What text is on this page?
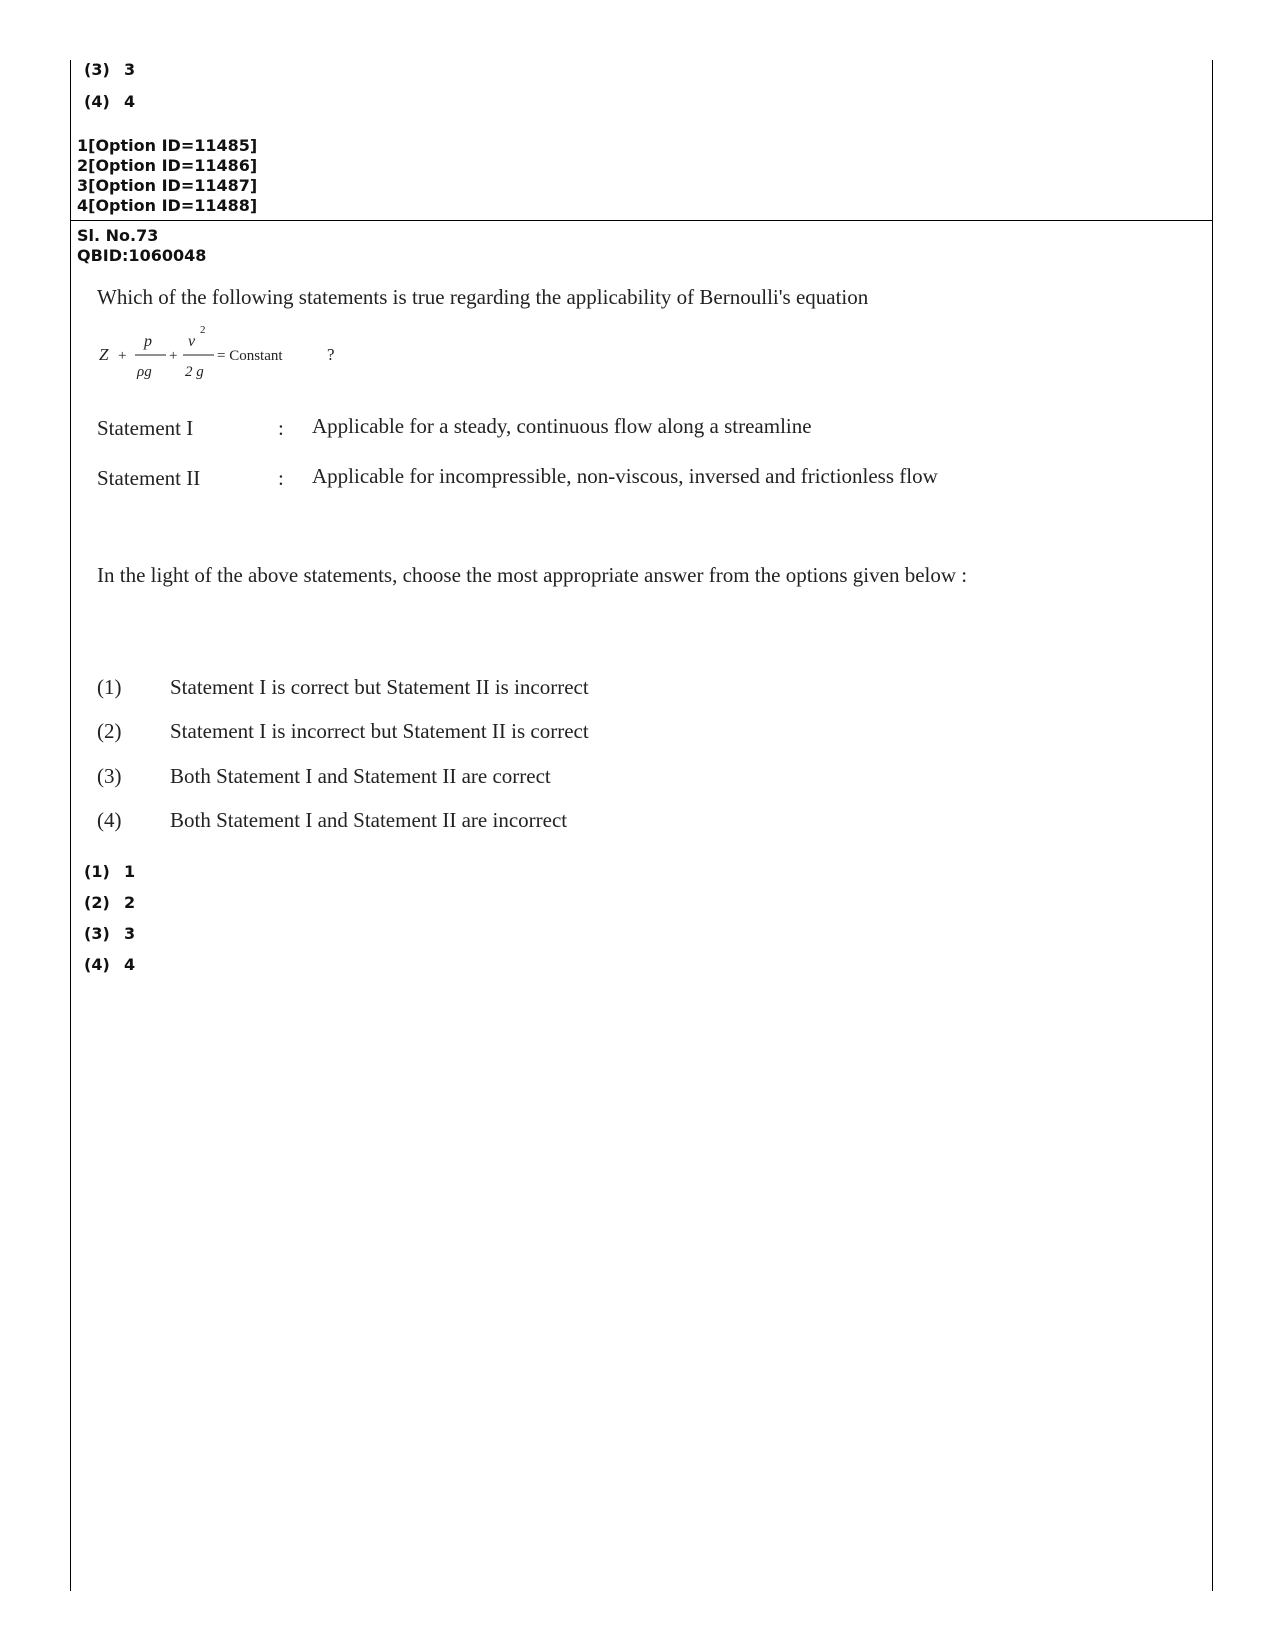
(3) 3
(4) 4
1[Option ID=11485]
2[Option ID=11486]
3[Option ID=11487]
4[Option ID=11488]
Sl. No.73
QBID:1060048
Which of the following statements is true regarding the applicability of Bernoulli's equation
Z +
p
ρg
+
v
2
2 g
= Constant	?
Statement I	: Applicable for a steady, continuous flow along a streamline
Statement II	: Applicable for incompressible, non-viscous, inversed and frictionless flow
In the light of the above statements, choose the most appropriate answer from the options given below :
(1) Statement I is correct but Statement II is incorrect
(2) Statement I is incorrect but Statement II is correct
(3) Both Statement I and Statement II are correct
(4) Both Statement I and Statement II are incorrect
(1) 1
(2) 2
(3) 3
(4) 4
